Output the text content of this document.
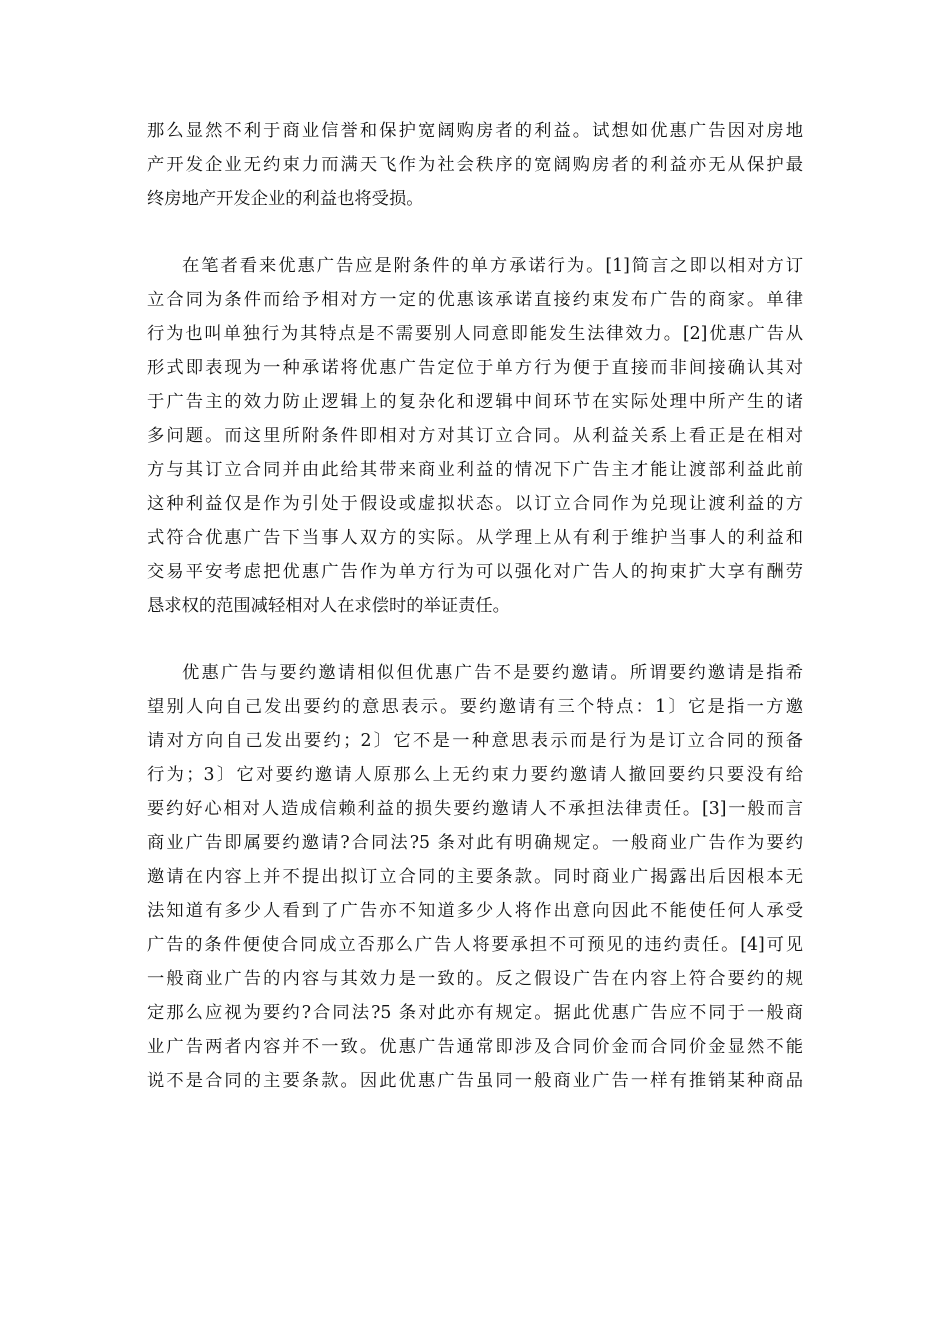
那么显然不利于商业信誉和保护宽阔购房者的利益。试想如优惠广告因对房地
产开发企业无约束力而满天飞作为社会秩序的宽阔购房者的利益亦无从保护最
终房地产开发企业的利益也将受损。
在笔者看来优惠广告应是附条件的单方承诺行为。[1]简言之即以相对方订
立合同为条件而给予相对方一定的优惠该承诺直接约束发布广告的商家。单律
行为也叫单独行为其特点是不需要别人同意即能发生法律效力。[2]优惠广告从
形式即表现为一种承诺将优惠广告定位于单方行为便于直接而非间接确认其对
于广告主的效力防止逻辑上的复杂化和逻辑中间环节在实际处理中所产生的诸
多问题。而这里所附条件即相对方对其订立合同。从利益关系上看正是在相对
方与其订立合同并由此给其带来商业利益的情况下广告主才能让渡部利益此前
这种利益仅是作为引处于假设或虚拟状态。以订立合同作为兑现让渡利益的方
式符合优惠广告下当事人双方的实际。从学理上从有利于维护当事人的利益和
交易平安考虑把优惠广告作为单方行为可以强化对广告人的拘束扩大享有酬劳
恳求权的范围减轻相对人在求偿时的举证责任。
优惠广告与要约邀请相似但优惠广告不是要约邀请。所谓要约邀请是指希
望别人向自己发出要约的意思表示。要约邀请有三个特点：1〕它是指一方邀
请对方向自己发出要约；2〕它不是一种意思表示而是行为是订立合同的预备
行为；3〕它对要约邀请人原那么上无约束力要约邀请人撤回要约只要没有给
要约好心相对人造成信赖利益的损失要约邀请人不承担法律责任。[3]一般而言
商业广告即属要约邀请?合同法?5 条对此有明确规定。一般商业广告作为要约
邀请在内容上并不提出拟订立合同的主要条款。同时商业广揭露出后因根本无
法知道有多少人看到了广告亦不知道多少人将作出意向因此不能使任何人承受
广告的条件便使合同成立否那么广告人将要承担不可预见的违约责任。[4]可见
一般商业广告的内容与其效力是一致的。反之假设广告在内容上符合要约的规
定那么应视为要约?合同法?5 条对此亦有规定。据此优惠广告应不同于一般商
业广告两者内容并不一致。优惠广告通常即涉及合同价金而合同价金显然不能
说不是合同的主要条款。因此优惠广告虽同一般商业广告一样有推销某种商品
